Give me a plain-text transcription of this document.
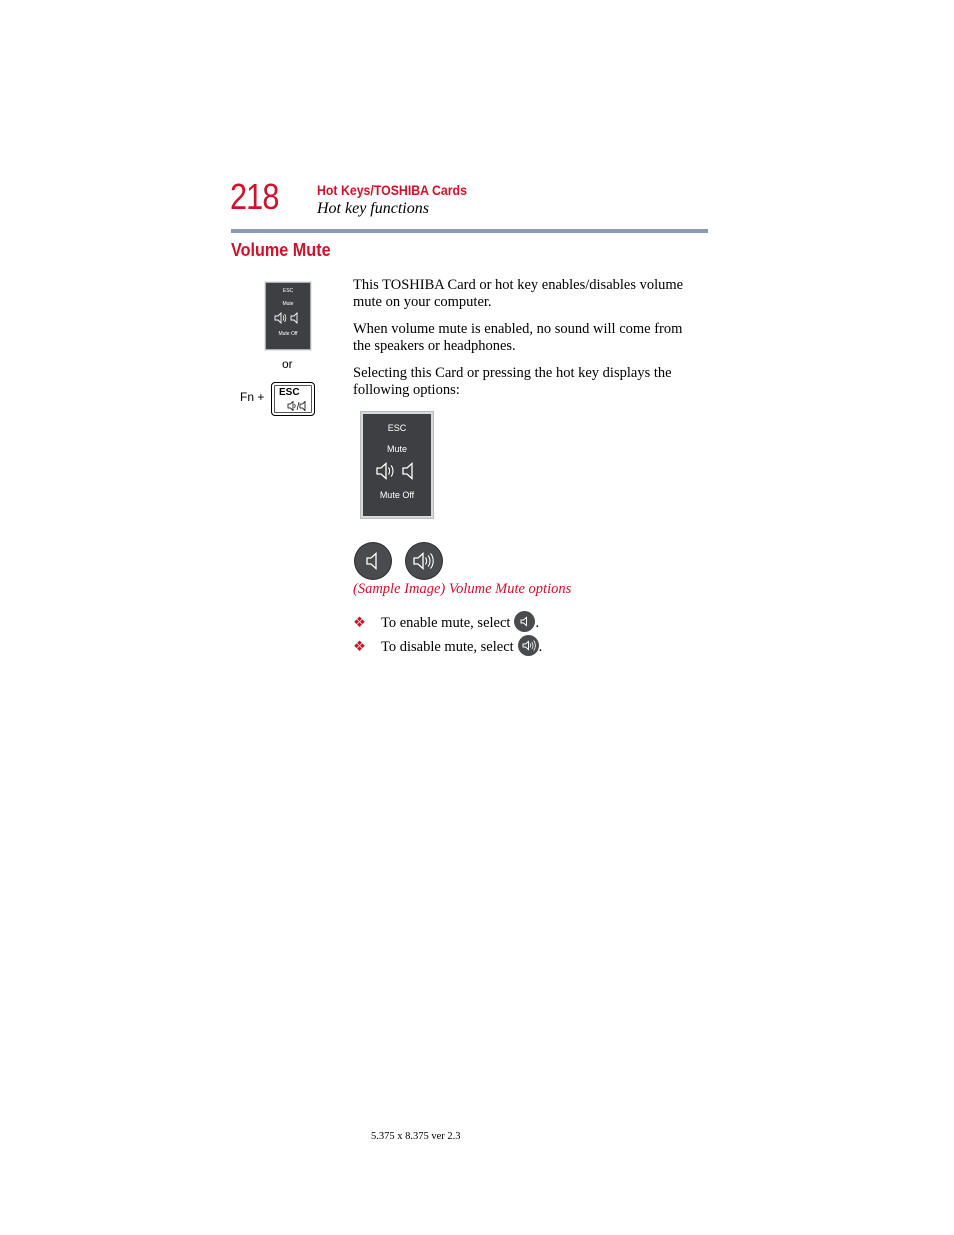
218	Hot Keys/TOSHIBA Cards
Hot key functions
Volume Mute
ESC
Mute
Mute Off
or
Fn + ESC
This TOSHIBA Card or hot key enables/disables volume mute on your computer.
When volume mute is enabled, no sound will come from the speakers or headphones.
Selecting this Card or pressing the hot key displays the following options:
ESC
Mute
Mute Off
(Sample Image) Volume Mute options
❖ To enable mute, select .
❖ To disable mute, select .
5.375 x 8.375 ver 2.3
